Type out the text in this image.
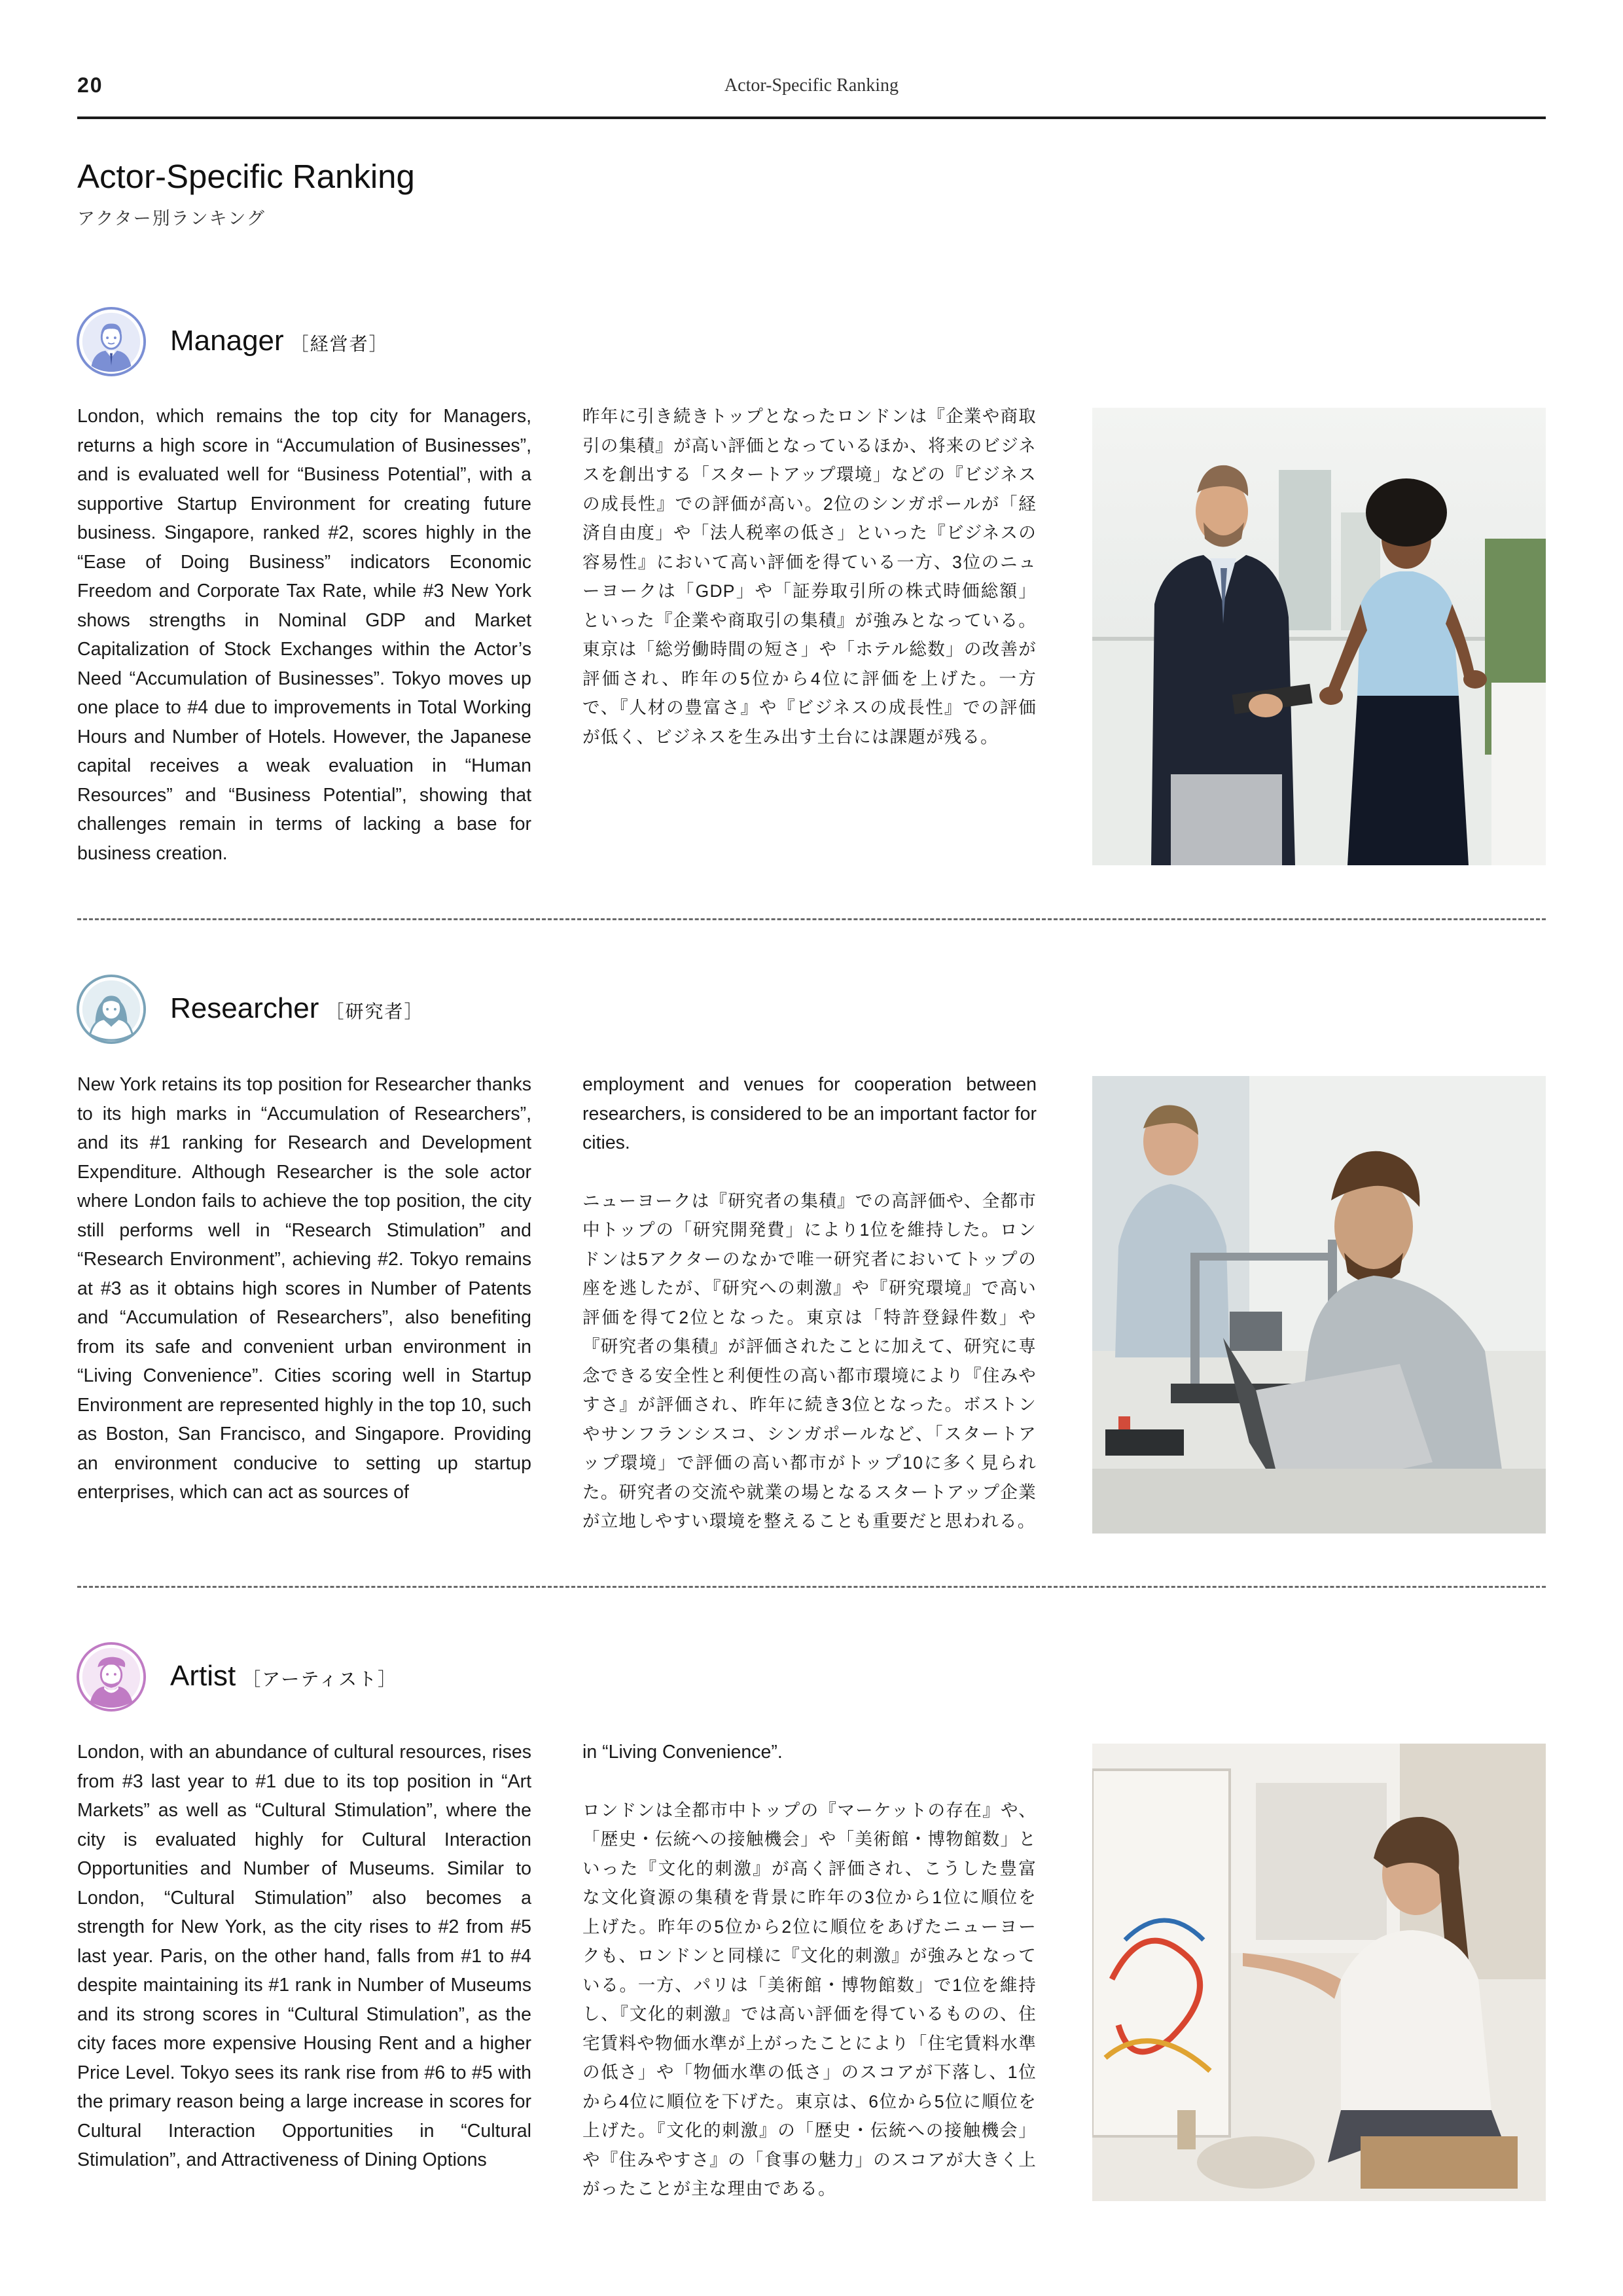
20	Actor-Specific Ranking
Actor-Specific Ranking
アクター別ランキング
Manager ［経営者］

London, which remains the top city for Managers, returns a high score in “Accumulation of Businesses”, and is evaluated well for “Business Potential”, with a supportive Startup Environment for creating future business. Singapore, ranked #2, scores highly in the “Ease of Doing Business” indicators Economic Freedom and Corporate Tax Rate, while #3 New York shows strengths in Nominal GDP and Market Capitalization of Stock Exchanges within the Actor’s Need “Accumulation of Businesses”. Tokyo moves up one place to #4 due to improvements in Total Working Hours and Number of Hotels. However, the Japanese capital receives a weak evaluation in “Human Resources” and “Business Potential”, showing that challenges remain in terms of lacking a base for business creation.

昨年に引き続きトップとなったロンドンは『企業や商取引の集積』が高い評価となっているほか、将来のビジネスを創出する「スタートアップ環境」などの『ビジネスの成長性』での評価が高い。2位のシンガポールが「経済自由度」や「法人税率の低さ」といった『ビジネスの容易性』において高い評価を得ている一方、3位のニューヨークは「GDP」や「証券取引所の株式時価総額」といった『企業や商取引の集積』が強みとなっている。東京は「総労働時間の短さ」や「ホテル総数」の改善が評価され、昨年の5位から4位に評価を上げた。一方で、『人材の豊富さ』や『ビジネスの成長性』での評価が低く、ビジネスを生み出す土台には課題が残る。

Researcher ［研究者］

New York retains its top position for Researcher thanks to its high marks in “Accumulation of Researchers”, and its #1 ranking for Research and Development Expenditure. Although Researcher is the sole actor where London fails to achieve the top position, the city still performs well in “Research Stimulation” and “Research Environment”, achieving #2. Tokyo remains at #3 as it obtains high scores in Number of Patents and “Accumulation of Researchers”, also benefiting from its safe and convenient urban environment in “Living Convenience”. Cities scoring well in Startup Environment are represented highly in the top 10, such as Boston, San Francisco, and Singapore. Providing an environment conducive to setting up startup enterprises, which can act as sources of

employment and venues for cooperation between researchers, is considered to be an important factor for cities.

ニューヨークは『研究者の集積』での高評価や、全都市中トップの「研究開発費」により1位を維持した。ロンドンは5アクターのなかで唯一研究者においてトップの座を逃したが、『研究への刺激』や『研究環境』で高い評価を得て2位となった。東京は「特許登録件数」や『研究者の集積』が評価されたことに加えて、研究に専念できる安全性と利便性の高い都市環境により『住みやすさ』が評価され、昨年に続き3位となった。ボストンやサンフランシスコ、シンガポールなど、「スタートアップ環境」で評価の高い都市がトップ10に多く見られた。研究者の交流や就業の場となるスタートアップ企業が立地しやすい環境を整えることも重要だと思われる。

Artist ［アーティスト］

London, with an abundance of cultural resources, rises from #3 last year to #1 due to its top position in “Art Markets” as well as “Cultural Stimulation”, where the city is evaluated highly for Cultural Interaction Opportunities and Number of Museums. Similar to London, “Cultural Stimulation” also becomes a strength for New York, as the city rises to #2 from #5 last year. Paris, on the other hand, falls from #1 to #4 despite maintaining its #1 rank in Number of Museums and its strong scores in “Cultural Stimulation”, as the city faces more expensive Housing Rent and a higher Price Level. Tokyo sees its rank rise from #6 to #5 with the primary reason being a large increase in scores for Cultural Interaction Opportunities in “Cultural Stimulation”, and Attractiveness of Dining Options

in “Living Convenience”.

ロンドンは全都市中トップの『マーケットの存在』や、「歴史・伝統への接触機会」や「美術館・博物館数」といった『文化的刺激』が高く評価され、こうした豊富な文化資源の集積を背景に昨年の3位から1位に順位を上げた。昨年の5位から2位に順位をあげたニューヨークも、ロンドンと同様に『文化的刺激』が強みとなっている。一方、パリは「美術館・博物館数」で1位を維持し、『文化的刺激』では高い評価を得ているものの、住宅賃料や物価水準が上がったことにより「住宅賃料水準の低さ」や「物価水準の低さ」のスコアが下落し、1位から4位に順位を下げた。東京は、6位から5位に順位を上げた。『文化的刺激』の「歴史・伝統への接触機会」や『住みやすさ』の「食事の魅力」のスコアが大きく上がったことが主な理由である。
